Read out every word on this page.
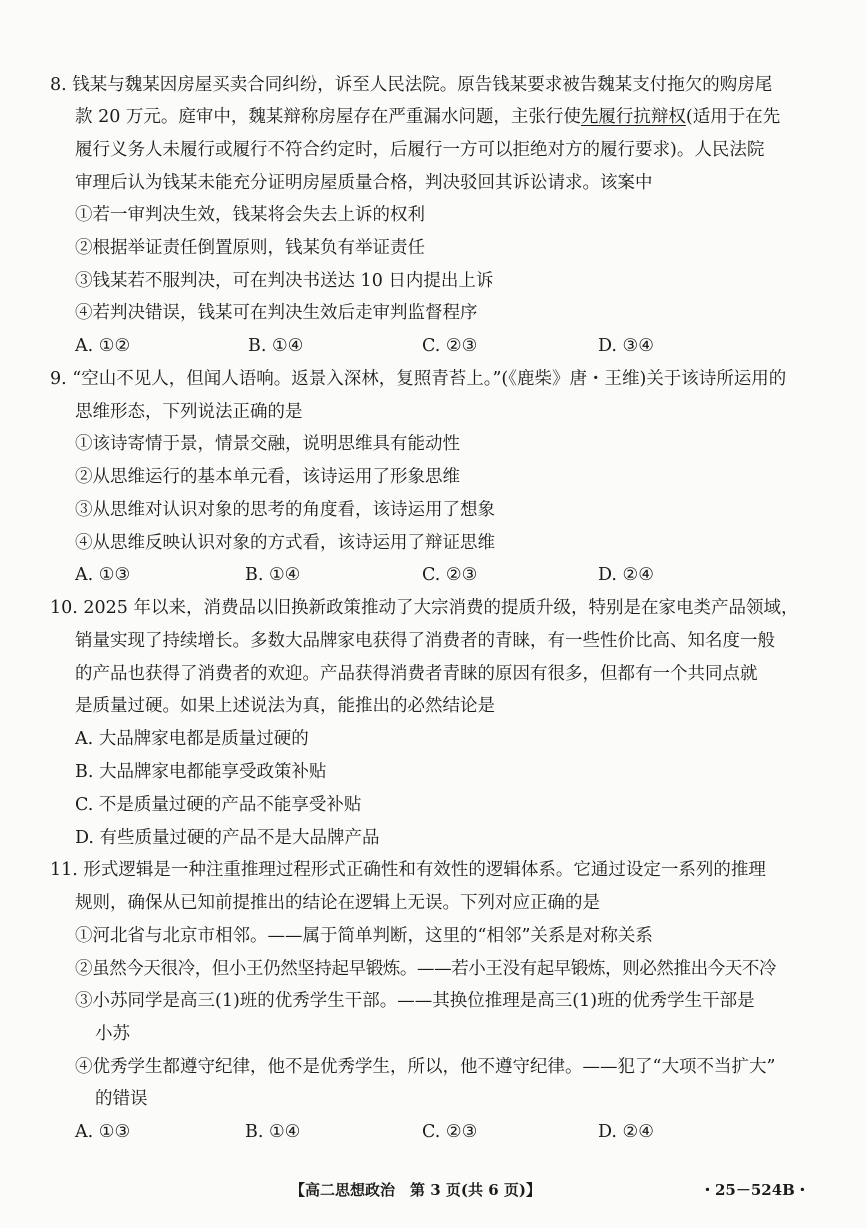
8. 钱某与魏某因房屋买卖合同纠纷，诉至人民法院。原告钱某要求被告魏某支付拖欠的购房尾
款 20 万元。庭审中，魏某辩称房屋存在严重漏水问题，主张行使先履行抗辩权(适用于在先
履行义务人未履行或履行不符合约定时，后履行一方可以拒绝对方的履行要求)。人民法院
审理后认为钱某未能充分证明房屋质量合格，判决驳回其诉讼请求。该案中
①若一审判决生效，钱某将会失去上诉的权利
②根据举证责任倒置原则，钱某负有举证责任
③钱某若不服判决，可在判决书送达 10 日内提出上诉
④若判决错误，钱某可在判决生效后走审判监督程序
A. ①②	B. ①④	C. ②③	D. ③④
9. “空山不见人，但闻人语响。返景入深林，复照青苔上。”(《鹿柴》唐・王维)关于该诗所运用的
思维形态，下列说法正确的是
①该诗寄情于景，情景交融，说明思维具有能动性
②从思维运行的基本单元看，该诗运用了形象思维
③从思维对认识对象的思考的角度看，该诗运用了想象
④从思维反映认识对象的方式看，该诗运用了辩证思维
A. ①③	B. ①④	C. ②③	D. ②④
10. 2025 年以来，消费品以旧换新政策推动了大宗消费的提质升级，特别是在家电类产品领域，
销量实现了持续增长。多数大品牌家电获得了消费者的青睐，有一些性价比高、知名度一般
的产品也获得了消费者的欢迎。产品获得消费者青睐的原因有很多，但都有一个共同点就
是质量过硬。如果上述说法为真，能推出的必然结论是
A. 大品牌家电都是质量过硬的
B. 大品牌家电都能享受政策补贴
C. 不是质量过硬的产品不能享受补贴
D. 有些质量过硬的产品不是大品牌产品
11. 形式逻辑是一种注重推理过程形式正确性和有效性的逻辑体系。它通过设定一系列的推理
规则，确保从已知前提推出的结论在逻辑上无误。下列对应正确的是
①河北省与北京市相邻。——属于简单判断，这里的“相邻”关系是对称关系
②虽然今天很冷，但小王仍然坚持起早锻炼。——若小王没有起早锻炼，则必然推出今天不冷
③小苏同学是高三(1)班的优秀学生干部。——其换位推理是高三(1)班的优秀学生干部是
小苏
④优秀学生都遵守纪律，他不是优秀学生，所以，他不遵守纪律。——犯了“大项不当扩大”
的错误
A. ①③	B. ①④	C. ②③	D. ②④
【高二思想政治　第 3 页(共 6 页)】	・25－524B・
